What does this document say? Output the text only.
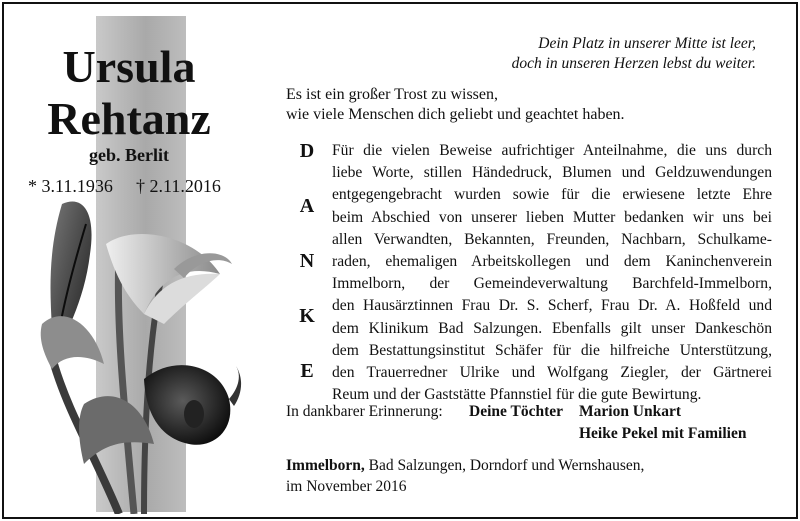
Ursula
Rehtanz
geb. Berlit
* 3.11.1936 † 2.11.2016
Dein Platz in unserer Mitte ist leer,
doch in unseren Herzen lebst du weiter.
Es ist ein großer Trost zu wissen,
wie viele Menschen dich geliebt und geachtet haben.
D
A
N
K
E
Für die vielen Beweise aufrichtiger Anteilnahme, die uns durch
liebe Worte, stillen Händedruck, Blumen und Geldzuwendungen
entgegengebracht wurden sowie für die erwiesene letzte Ehre
beim Abschied von unserer lieben Mutter bedanken wir uns bei
allen Verwandten, Bekannten, Freunden, Nachbarn, Schulkame-
raden, ehemaligen Arbeitskollegen und dem Kaninchenverein
Immelborn, der Gemeindeverwaltung Barchfeld-Immelborn,
den Hausärztinnen Frau Dr. S. Scherf, Frau Dr. A. Hoßfeld und
dem Klinikum Bad Salzungen. Ebenfalls gilt unser Dankeschön
dem Bestattungsinstitut Schäfer für die hilfreiche Unterstützung,
den Trauerredner Ulrike und Wolfgang Ziegler, der Gärtnerei
Reum und der Gaststätte Pfannstiel für die gute Bewirtung.
In dankbarer Erinnerung: Deine Töchter Marion Unkart
Heike Pekel mit Familien
Immelborn, Bad Salzungen, Dorndorf und Wernshausen,
im November 2016
